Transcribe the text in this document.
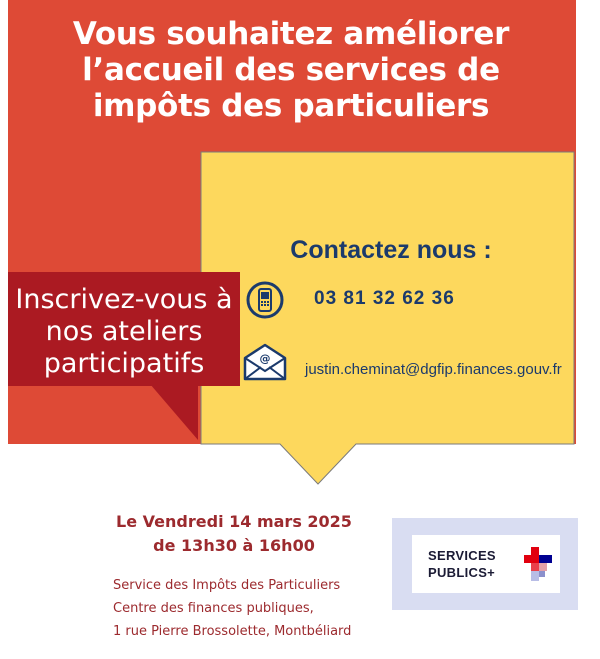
Vous souhaitez améliorer l’accueil des services de impôts des particuliers

Inscrivez-vous à nos ateliers participatifs

Contactez nous :

03 81 32 62 36

@

justin.cheminat@dgfip.finances.gouv.fr

Le Vendredi 14 mars 2025
de 13h30 à 16h00

Service des Impôts des Particuliers
Centre des finances publiques,
1 rue Pierre Brossolette, Montbéliard

SERVICES
PUBLICS+
